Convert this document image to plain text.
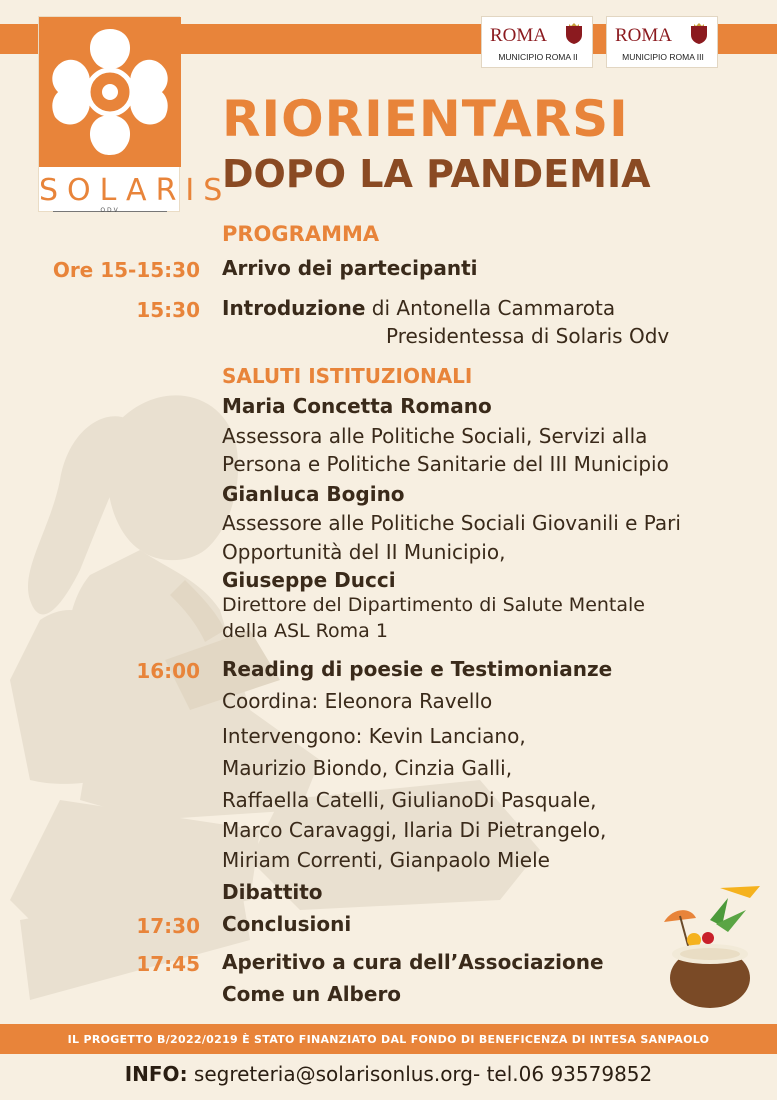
SOLARIS
ODV
ROMA
MUNICIPIO ROMA II
ROMA
MUNICIPIO ROMA III
RIORIENTARSI
DOPO LA PANDEMIA
PROGRAMMA
Ore 15-15:30 Arrivo dei partecipanti
15:30 Introduzione di Antonella Cammarota
Presidentessa di Solaris Odv
SALUTI ISTITUZIONALI
Maria Concetta Romano
Assessora alle Politiche Sociali, Servizi alla
Persona e Politiche Sanitarie del III Municipio
Gianluca Bogino
Assessore alle Politiche Sociali Giovanili e Pari
Opportunità del II Municipio,
Giuseppe Ducci
Direttore del Dipartimento di Salute Mentale
della ASL Roma 1
16:00 Reading di poesie e Testimonianze
Coordina: Eleonora Ravello
Intervengono: Kevin Lanciano,
Maurizio Biondo, Cinzia Galli,
Raffaella Catelli, GiulianoDi Pasquale,
Marco Caravaggi, Ilaria Di Pietrangelo,
Miriam Correnti, Gianpaolo Miele
Dibattito
17:30 Conclusioni
17:45 Aperitivo a cura dell’Associazione
Come un Albero
IL PROGETTO B/2022/0219 È STATO FINANZIATO DAL FONDO DI BENEFICENZA DI INTESA SANPAOLO
INFO: segreteria@solarisonlus.org- tel.06 93579852
